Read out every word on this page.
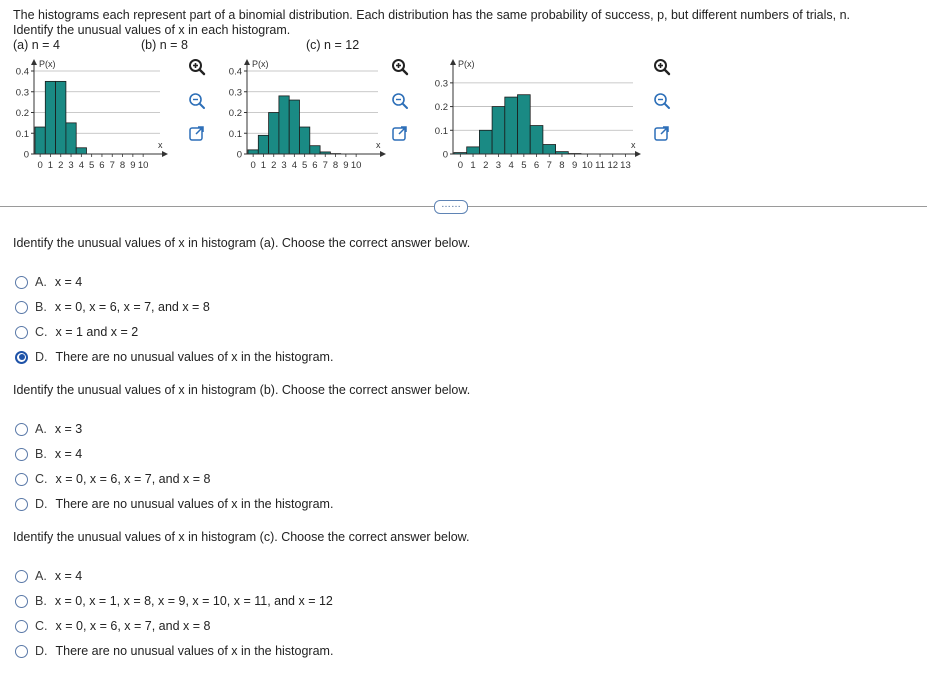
The histograms each represent part of a binomial distribution. Each distribution has the same probability of success, p, but different numbers of trials, n.
Identify the unusual values of x in each histogram.
(a) n = 4	(b) n = 8	(c) n = 12
0
0.1
0.2
0.3
0.4
P(x)
x
0 1 2 3 4 5 6 7 8 9 10
0
0.1
0.2
0.3
0.4
P(x)
x
0 1 2 3 4 5 6 7 8 9 10
0
0.1
0.2
0.3
P(x)
x
0 1 2 3 4 5 6 7 8 9 10 11 12 13
……
Identify the unusual values of x in histogram (a). Choose the correct answer below.
A. x = 4
B. x = 0, x = 6, x = 7, and x = 8
C. x = 1 and x = 2
D. There are no unusual values of x in the histogram.
Identify the unusual values of x in histogram (b). Choose the correct answer below.
A. x = 3
B. x = 4
C. x = 0, x = 6, x = 7, and x = 8
D. There are no unusual values of x in the histogram.
Identify the unusual values of x in histogram (c). Choose the correct answer below.
A. x = 4
B. x = 0, x = 1, x = 8, x = 9, x = 10, x = 11, and x = 12
C. x = 0, x = 6, x = 7, and x = 8
D. There are no unusual values of x in the histogram.
